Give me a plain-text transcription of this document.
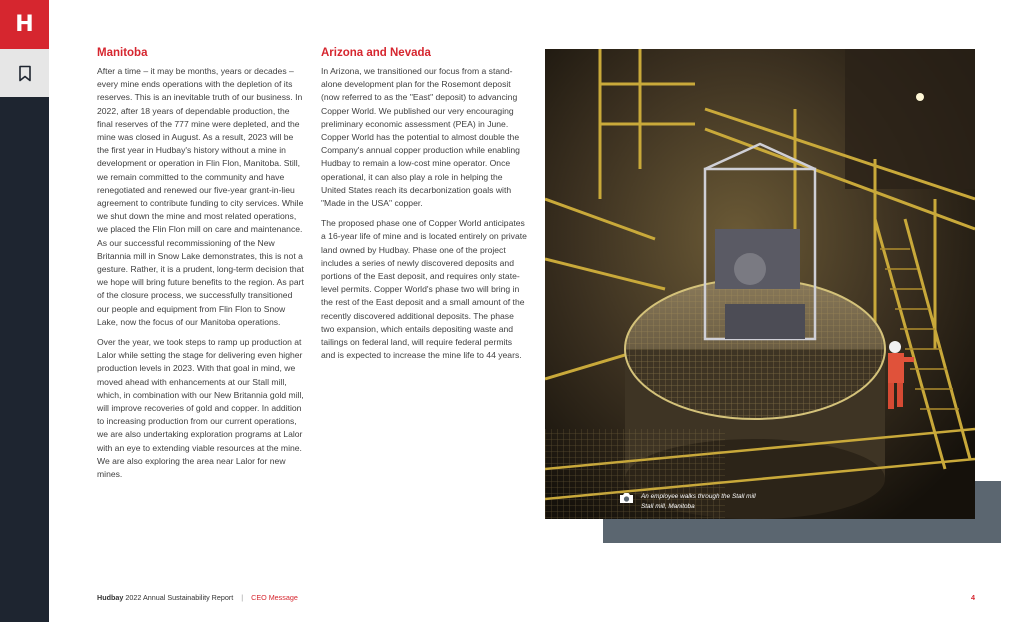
H
Manitoba

After a time – it may be months, years or decades – every mine ends operations with the depletion of its reserves. This is an inevitable truth of our business. In 2022, after 18 years of dependable production, the final reserves of the 777 mine were depleted, and the mine was closed in August. As a result, 2023 will be the first year in Hudbay's history without a mine in development or operation in Flin Flon, Manitoba. Still, we remain committed to the community and have renegotiated and renewed our five-year grant-in-lieu agreement to contribute funding to city services. While we shut down the mine and most related operations, we placed the Flin Flon mill on care and maintenance. As our successful recommissioning of the New Britannia mill in Snow Lake demonstrates, this is not a gesture. Rather, it is a prudent, long-term decision that we hope will bring future benefits to the region. As part of the closure process, we successfully transitioned our people and equipment from Flin Flon to Snow Lake, now the focus of our Manitoba operations.

Over the year, we took steps to ramp up production at Lalor while setting the stage for delivering even higher production levels in 2023. With that goal in mind, we moved ahead with enhancements at our Stall mill, which, in combination with our New Britannia gold mill, will improve recoveries of gold and copper. In addition to increasing production from our current operations, we are also undertaking exploration programs at Lalor with an eye to extending viable resources at the mine. We are also exploring the area near Lalor for new mines.

Arizona and Nevada

In Arizona, we transitioned our focus from a stand-alone development plan for the Rosemont deposit (now referred to as the "East" deposit) to advancing Copper World. We published our very encouraging preliminary economic assessment (PEA) in June. Copper World has the potential to almost double the Company's annual copper production while enabling Hudbay to remain a low-cost mine operator. Once operational, it can also play a role in helping the United States reach its decarbonization goals with "Made in the USA" copper.

The proposed phase one of Copper World anticipates a 16-year life of mine and is located entirely on private land owned by Hudbay. Phase one of the project includes a series of newly discovered deposits and portions of the East deposit, and requires only state-level permits. Copper World's phase two will bring in the rest of the East deposit and a small amount of the recently discovered additional deposits. The phase two expansion, which entails depositing waste and tailings on federal land, will require federal permits and is expected to increase the mine life to 44 years.

An employee walks through the Stall mill
Stall mill, Manitoba
Hudbay 2022 Annual Sustainability Report | CEO Message	4
